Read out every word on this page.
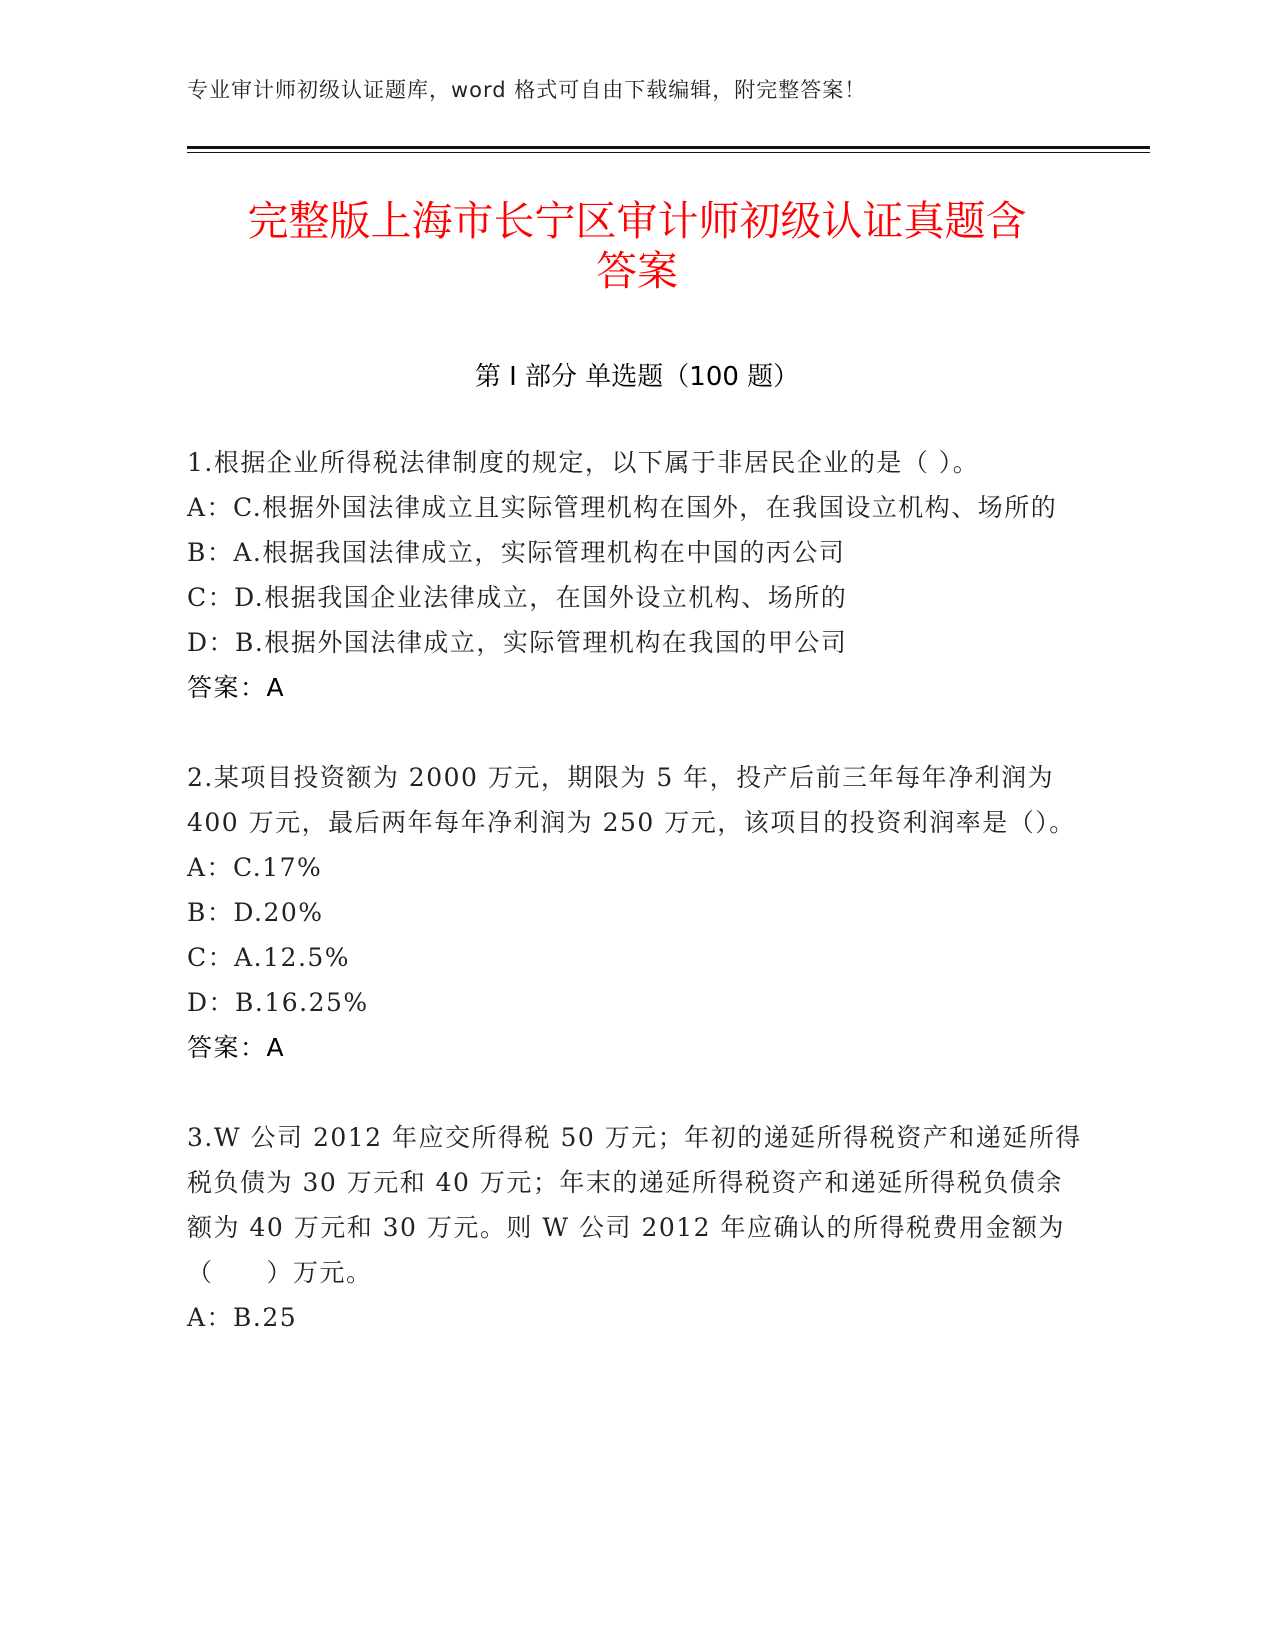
专业审计师初级认证题库，word 格式可自由下载编辑，附完整答案！
完整版上海市长宁区审计师初级认证真题含
答案
第 I 部分 单选题（100 题）

1.根据企业所得税法律制度的规定，以下属于非居民企业的是（ ）。

A：C.根据外国法律成立且实际管理机构在国外，在我国设立机构、场所的

B：A.根据我国法律成立，实际管理机构在中国的丙公司

C：D.根据我国企业法律成立，在国外设立机构、场所的

D：B.根据外国法律成立，实际管理机构在我国的甲公司

答案：A

2.某项目投资额为 2000 万元，期限为 5 年，投产后前三年每年净利润为 400 万元，最后两年每年净利润为 250 万元，该项目的投资利润率是（）。

A：C.17%

B：D.20%

C：A.12.5%

D：B.16.25%

答案：A

3.W 公司 2012 年应交所得税 50 万元；年初的递延所得税资产和递延所得税负债为 30 万元和 40 万元；年末的递延所得税资产和递延所得税负债余额为 40 万元和 30 万元。则 W 公司 2012 年应确认的所得税费用金额为（　　）万元。

A：B.25
